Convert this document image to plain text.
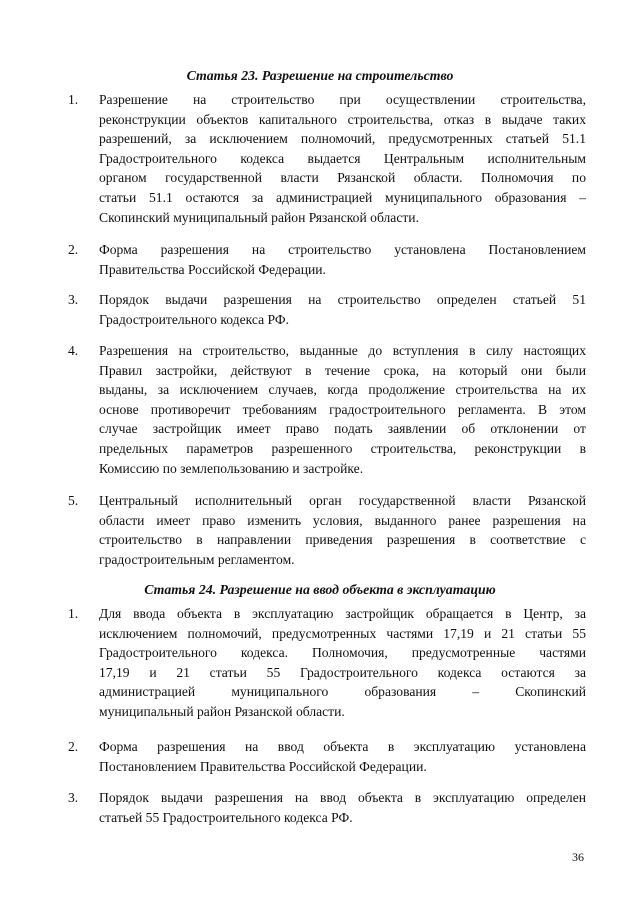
Статья 23. Разрешение на строительство
1.	Разрешение на строительство при осуществлении строительства,
реконструкции объектов капитального строительства, отказ в выдаче таких
разрешений, за исключением полномочий, предусмотренных статьей 51.1
Градостроительного кодекса выдается Центральным исполнительным
органом государственной власти Рязанской области. Полномочия по
статьи 51.1 остаются за администрацией муниципального образования –
Скопинский муниципальный район Рязанской области.
2.	Форма разрешения на строительство установлена Постановлением
Правительства Российской Федерации.
3.	Порядок выдачи разрешения на строительство определен статьей 51
Градостроительного кодекса РФ.
4.	Разрешения на строительство, выданные до вступления в силу настоящих
Правил застройки, действуют в течение срока, на который они были
выданы, за исключением случаев, когда продолжение строительства на их
основе противоречит требованиям градостроительного регламента. В этом
случае застройщик имеет право подать заявлении об отклонении от
предельных параметров разрешенного строительства, реконструкции в
Комиссию по землепользованию и застройке.
5.	Центральный исполнительный орган государственной власти Рязанской
области имеет право изменить условия, выданного ранее разрешения на
строительство в направлении приведения разрешения в соответствие с
градостроительным регламентом.
Статья 24. Разрешение на ввод объекта в эксплуатацию
1.	Для ввода объекта в эксплуатацию застройщик обращается в Центр, за
исключением полномочий, предусмотренных частями 17,19 и 21 статьи 55
Градостроительного кодекса. Полномочия, предусмотренные частями
17,19 и 21 статьи 55 Градостроительного кодекса остаются за
администрацией муниципального образования – Скопинский
муниципальный район Рязанской области.
2.	Форма разрешения на ввод объекта в эксплуатацию установлена
Постановлением Правительства Российской Федерации.
3.	Порядок выдачи разрешения на ввод объекта в эксплуатацию определен
статьей 55 Градостроительного кодекса РФ.
36
